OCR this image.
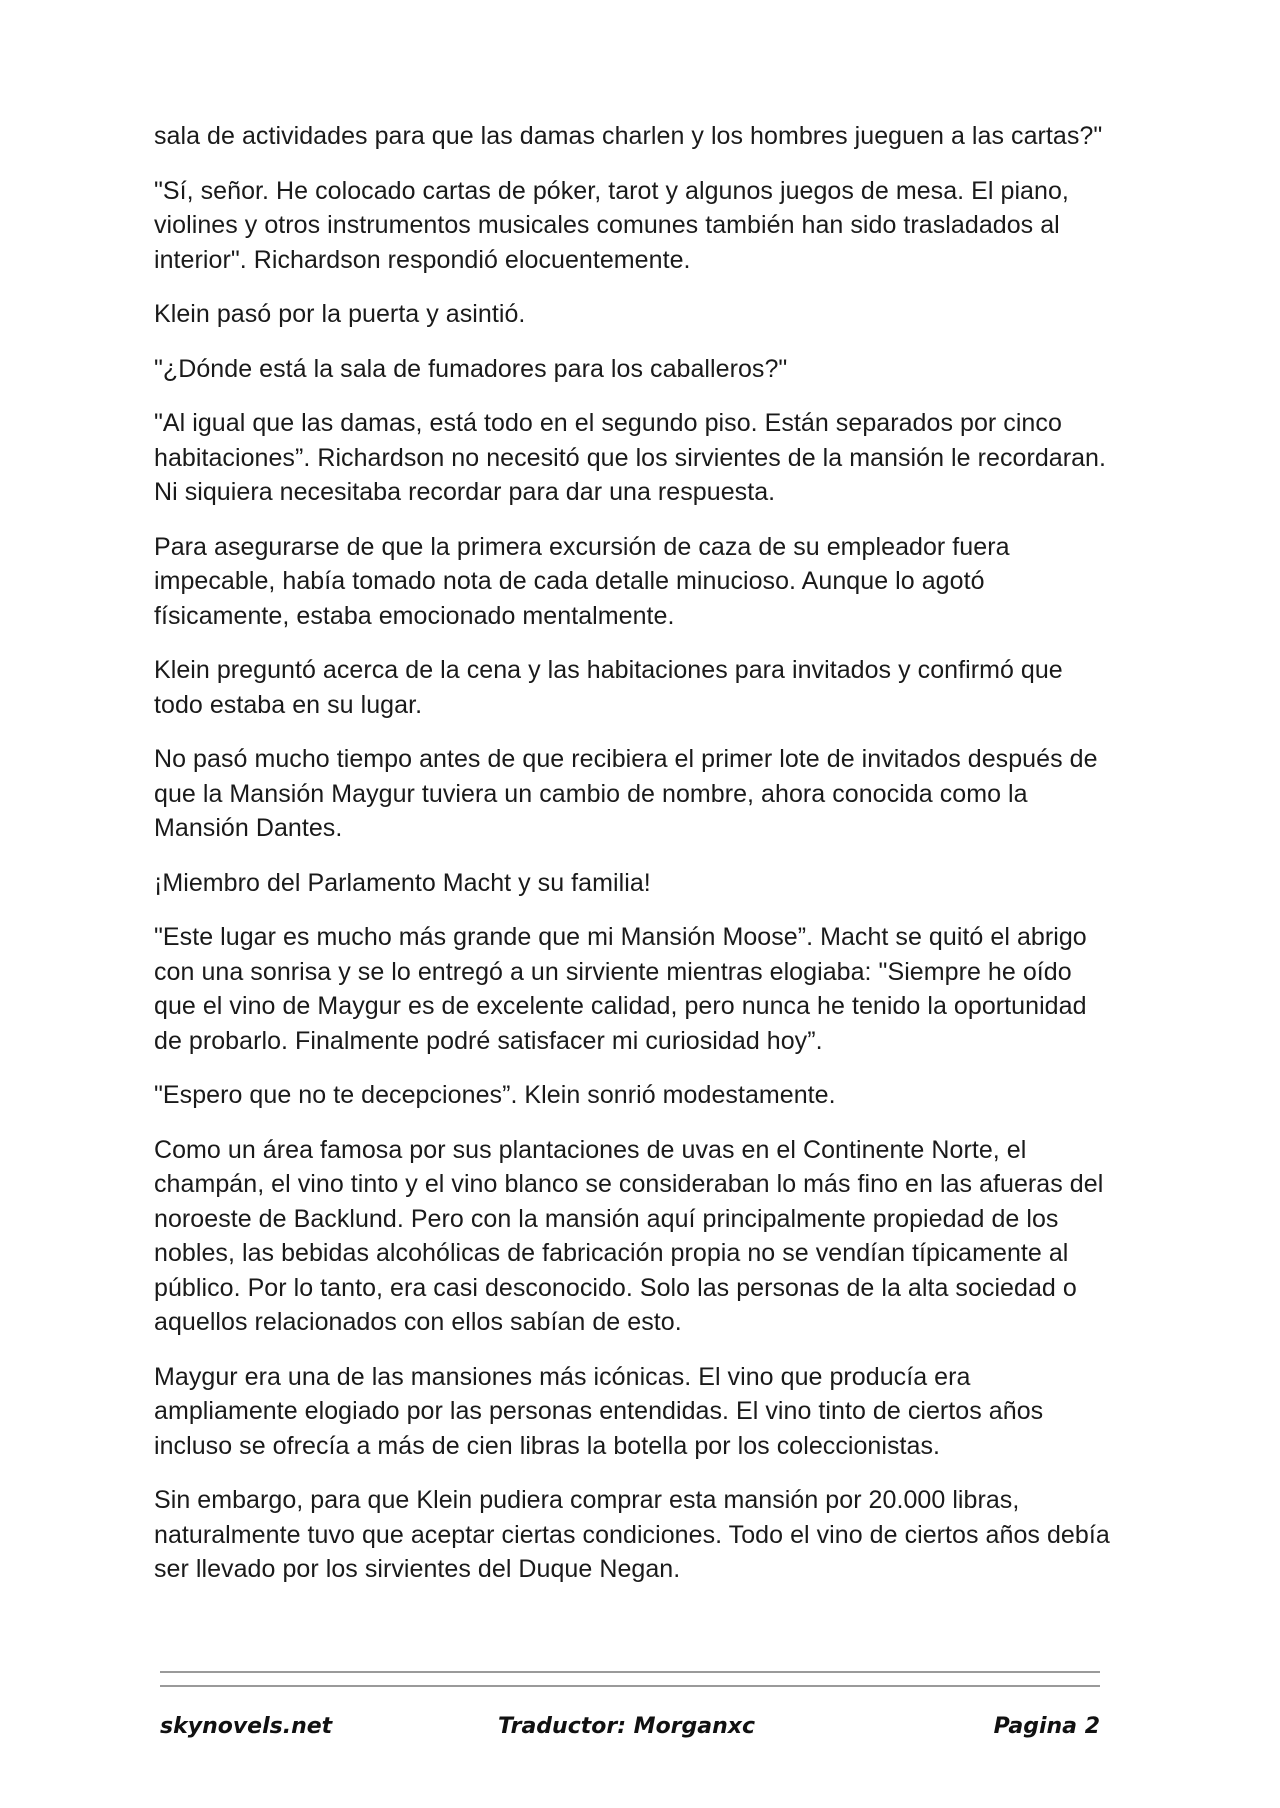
sala de actividades para que las damas charlen y los hombres jueguen a las cartas?"

"Sí, señor. He colocado cartas de póker, tarot y algunos juegos de mesa. El piano, violines y otros instrumentos musicales comunes también han sido trasladados al interior". Richardson respondió elocuentemente.

Klein pasó por la puerta y asintió.

"¿Dónde está la sala de fumadores para los caballeros?"

"Al igual que las damas, está todo en el segundo piso. Están separados por cinco habitaciones”. Richardson no necesitó que los sirvientes de la mansión le recordaran. Ni siquiera necesitaba recordar para dar una respuesta.

Para asegurarse de que la primera excursión de caza de su empleador fuera impecable, había tomado nota de cada detalle minucioso. Aunque lo agotó físicamente, estaba emocionado mentalmente.

Klein preguntó acerca de la cena y las habitaciones para invitados y confirmó que todo estaba en su lugar.

No pasó mucho tiempo antes de que recibiera el primer lote de invitados después de que la Mansión Maygur tuviera un cambio de nombre, ahora conocida como la Mansión Dantes.

¡Miembro del Parlamento Macht y su familia!

"Este lugar es mucho más grande que mi Mansión Moose”. Macht se quitó el abrigo con una sonrisa y se lo entregó a un sirviente mientras elogiaba: "Siempre he oído que el vino de Maygur es de excelente calidad, pero nunca he tenido la oportunidad de probarlo. Finalmente podré satisfacer mi curiosidad hoy”.

"Espero que no te decepciones”. Klein sonrió modestamente.

Como un área famosa por sus plantaciones de uvas en el Continente Norte, el champán, el vino tinto y el vino blanco se consideraban lo más fino en las afueras del noroeste de Backlund. Pero con la mansión aquí principalmente propiedad de los nobles, las bebidas alcohólicas de fabricación propia no se vendían típicamente al público. Por lo tanto, era casi desconocido. Solo las personas de la alta sociedad o aquellos relacionados con ellos sabían de esto.

Maygur era una de las mansiones más icónicas. El vino que producía era ampliamente elogiado por las personas entendidas. El vino tinto de ciertos años incluso se ofrecía a más de cien libras la botella por los coleccionistas.

Sin embargo, para que Klein pudiera comprar esta mansión por 20.000 libras, naturalmente tuvo que aceptar ciertas condiciones. Todo el vino de ciertos años debía ser llevado por los sirvientes del Duque Negan.

skynovels.net	Traductor: Morganxc	Pagina 2
